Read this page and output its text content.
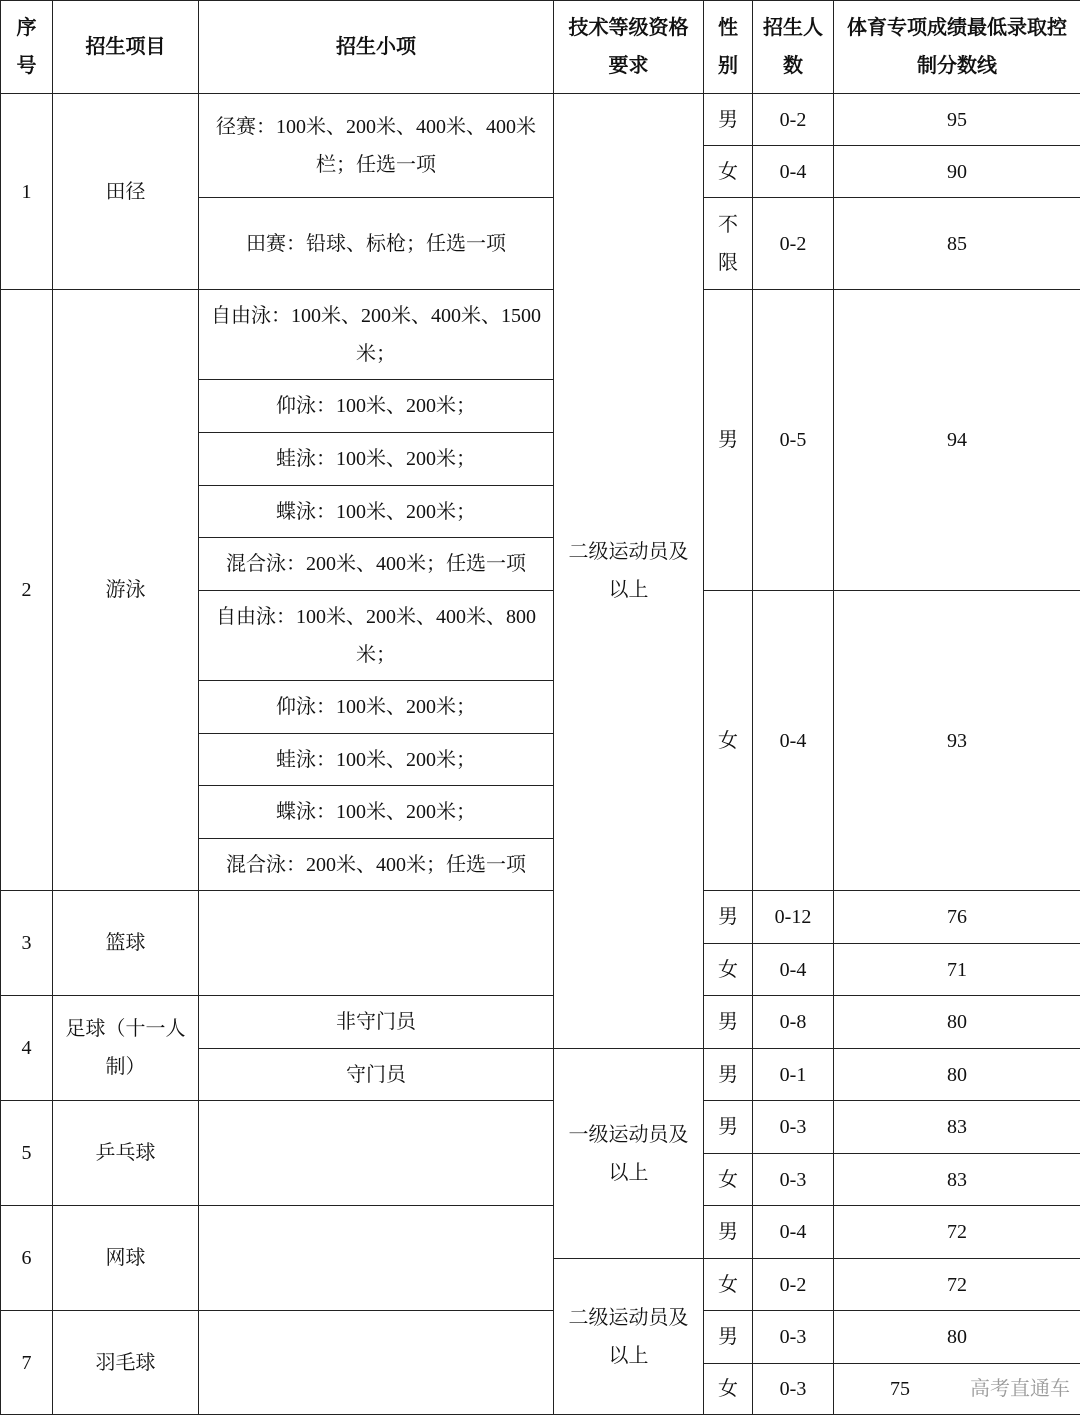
序号	招生项目	招生小项	技术等级资格要求	性别	招生人数	体育专项成绩最低录取控制分数线
1	田径	径赛：100米、200米、400米、400米栏；任选一项	二级运动员及以上	男	0-2	95
				女	0-4	90
		田赛：铅球、标枪；任选一项		不限	0-2	85
2	游泳	自由泳：100米、200米、400米、1500米；		男	0-5	94
		仰泳：100米、200米；				
		蛙泳：100米、200米；				
		蝶泳：100米、200米；				
		混合泳：200米、400米；任选一项				
		自由泳：100米、200米、400米、800米；		女	0-4	93
		仰泳：100米、200米；				
		蛙泳：100米、200米；				
		蝶泳：100米、200米；				
		混合泳：200米、400米；任选一项				
3	篮球			男	0-12	76
				女	0-4	71
4	足球（十一人制）	非守门员		男	0-8	80
		守门员	一级运动员及以上	男	0-1	80
5	乒乓球			男	0-3	83
				女	0-3	83
6	网球			男	0-4	72
			二级运动员及以上	女	0-2	72
7	羽毛球			男	0-3	80
				女	0-3	75	高考直通车
